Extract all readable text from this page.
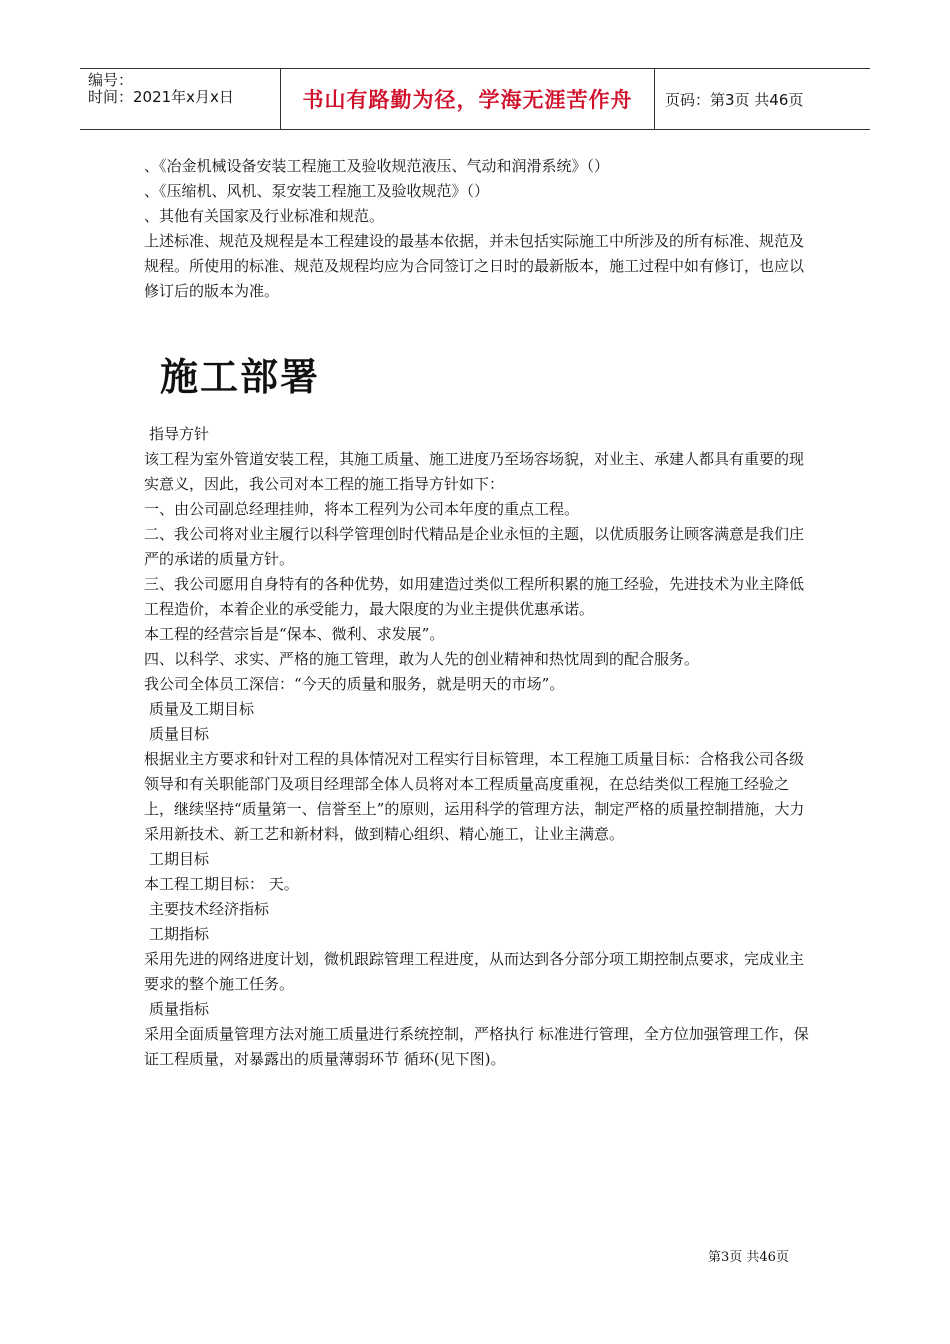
编号：
时间：2021年x月x日	书山有路勤为径，学海无涯苦作舟	页码：第3页 共46页

、《冶金机械设备安装工程施工及验收规范液压、气动和润滑系统》（）

、《压缩机、风机、泵安装工程施工及验收规范》（）

、其他有关国家及行业标准和规范。

上述标准、规范及规程是本工程建设的最基本依据，并未包括实际施工中所涉及的所有标准、规范及规程。所使用的标准、规范及规程均应为合同签订之日时的最新版本，施工过程中如有修订，也应以修订后的版本为准。

施工部署

指导方针

该工程为室外管道安装工程，其施工质量、施工进度乃至场容场貌，对业主、承建人都具有重要的现实意义，因此，我公司对本工程的施工指导方针如下：

一、由公司副总经理挂帅，将本工程列为公司本年度的重点工程。

二、我公司将对业主履行以科学管理创时代精品是企业永恒的主题，以优质服务让顾客满意是我们庄严的承诺的质量方针。

三、我公司愿用自身特有的各种优势，如用建造过类似工程所积累的施工经验，先进技术为业主降低工程造价，本着企业的承受能力，最大限度的为业主提供优惠承诺。

本工程的经营宗旨是“保本、微利、求发展”。

四、以科学、求实、严格的施工管理，敢为人先的创业精神和热忱周到的配合服务。

我公司全体员工深信：“今天的质量和服务，就是明天的市场”。

质量及工期目标

质量目标

根据业主方要求和针对工程的具体情况对工程实行目标管理，本工程施工质量目标：合格我公司各级领导和有关职能部门及项目经理部全体人员将对本工程质量高度重视，在总结类似工程施工经验之上，继续坚持“质量第一、信誉至上”的原则，运用科学的管理方法，制定严格的质量控制措施，大力采用新技术、新工艺和新材料，做到精心组织、精心施工，让业主满意。

工期目标

本工程工期目标： 天。

主要技术经济指标

工期指标

采用先进的网络进度计划，微机跟踪管理工程进度，从而达到各分部分项工期控制点要求，完成业主要求的整个施工任务。

质量指标

采用全面质量管理方法对施工质量进行系统控制，严格执行 标准进行管理，全方位加强管理工作，保证工程质量，对暴露出的质量薄弱环节 循环(见下图)。

第3页 共46页
